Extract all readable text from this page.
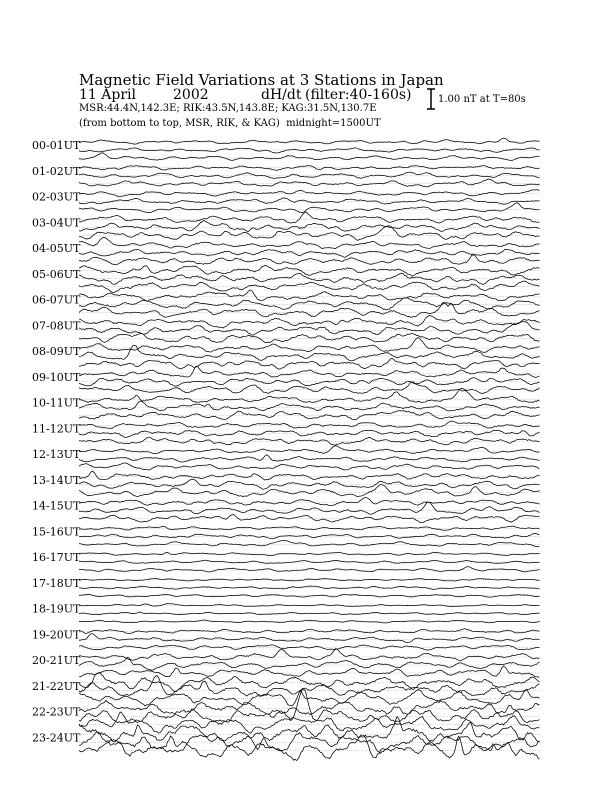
Magnetic Field Variations at 3 Stations in Japan
11 April	2002	dH/dt (filter:40-160s)
MSR:44.4N,142.3E; RIK:43.5N,143.8E; KAG:31.5N,130.7E
(from bottom to top, MSR, RIK, & KAG) midnight=1500UT
1.00 nT at T=80s
00-01UT
01-02UT
02-03UT
03-04UT
04-05UT
05-06UT
06-07UT
07-08UT
08-09UT
09-10UT
10-11UT
11-12UT
12-13UT
13-14UT
14-15UT
15-16UT
16-17UT
17-18UT
18-19UT
19-20UT
20-21UT
21-22UT
22-23UT
23-24UT
